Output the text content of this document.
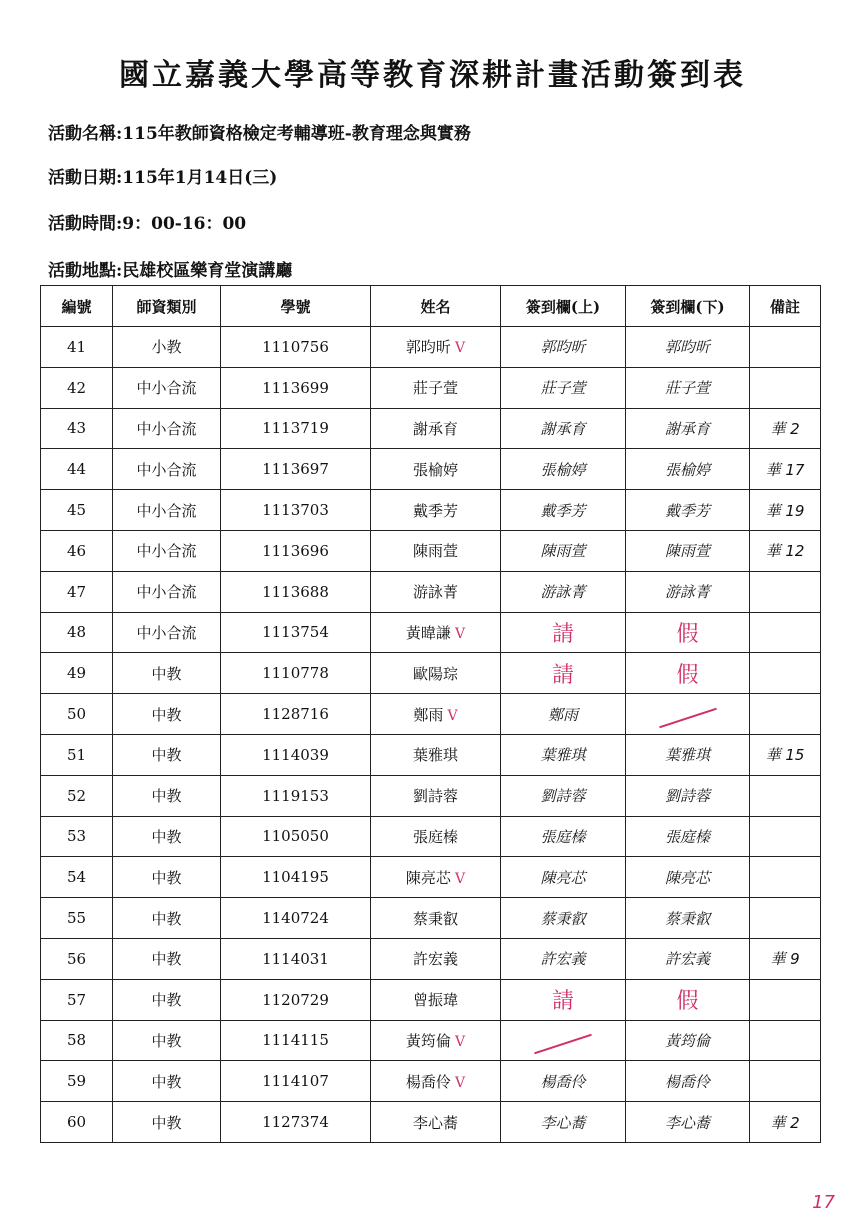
國立嘉義大學高等教育深耕計畫活動簽到表
活動名稱:115年教師資格檢定考輔導班-教育理念與實務
活動日期:115年1月14日(三)
活動時間:9：00-16：00
活動地點:民雄校區樂育堂演講廳
編號	師資類別	學號	姓名	簽到欄(上)	簽到欄(下)	備註
41	小教	1110756	郭昀昕 V	郭昀昕	郭昀昕	
42	中小合流	1113699	莊子萱	莊子萱	莊子萱	
43	中小合流	1113719	謝承育	謝承育	謝承育	華 2
44	中小合流	1113697	張榆婷	張榆婷	張榆婷	華 17
45	中小合流	1113703	戴季芳	戴季芳	戴季芳	華 19
46	中小合流	1113696	陳雨萱	陳雨萱	陳雨萱	華 12
47	中小合流	1113688	游詠菁	游詠菁	游詠菁	
48	中小合流	1113754	黃暐謙 V	請	假	
49	中教	1110778	歐陽琮	請	假	
50	中教	1128716	鄭雨 V	鄭雨		
51	中教	1114039	葉雅琪	葉雅琪	葉雅琪	華 15
52	中教	1119153	劉詩蓉	劉詩蓉	劉詩蓉	
53	中教	1105050	張庭榛	張庭榛	張庭榛	
54	中教	1104195	陳亮芯 V	陳亮芯	陳亮芯	
55	中教	1140724	蔡秉叡	蔡秉叡	蔡秉叡	
56	中教	1114031	許宏義	許宏義	許宏義	華 9
57	中教	1120729	曾振瑋	請	假	
58	中教	1114115	黃筠倫 V		黃筠倫	
59	中教	1114107	楊喬伶 V	楊喬伶	楊喬伶	
60	中教	1127374	李心蕎	李心蕎	李心蕎	華 2
17
